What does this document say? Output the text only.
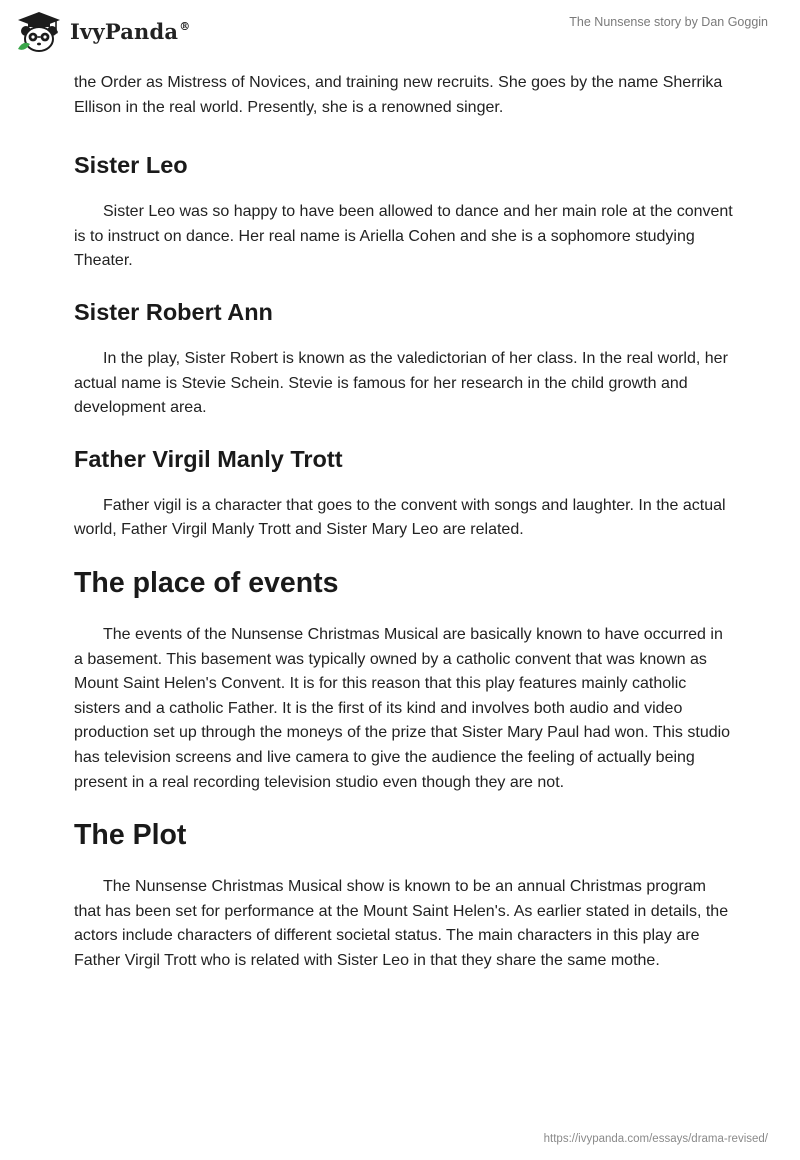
IvyPanda®	The Nunsense story by Dan Goggin

the Order as Mistress of Novices, and training new recruits. She goes by the name Sherrika Ellison in the real world. Presently, she is a renowned singer.

Sister Leo

Sister Leo was so happy to have been allowed to dance and her main role at the convent is to instruct on dance. Her real name is Ariella Cohen and she is a sophomore studying Theater.

Sister Robert Ann

In the play, Sister Robert is known as the valedictorian of her class. In the real world, her actual name is Stevie Schein. Stevie is famous for her research in the child growth and development area.

Father Virgil Manly Trott

Father vigil is a character that goes to the convent with songs and laughter. In the actual world, Father Virgil Manly Trott and Sister Mary Leo are related.

The place of events

The events of the Nunsense Christmas Musical are basically known to have occurred in a basement. This basement was typically owned by a catholic convent that was known as Mount Saint Helen's Convent. It is for this reason that this play features mainly catholic sisters and a catholic Father. It is the first of its kind and involves both audio and video production set up through the moneys of the prize that Sister Mary Paul had won. This studio has television screens and live camera to give the audience the feeling of actually being present in a real recording television studio even though they are not.

The Plot

The Nunsense Christmas Musical show is known to be an annual Christmas program that has been set for performance at the Mount Saint Helen's. As earlier stated in details, the actors include characters of different societal status. The main characters in this play are Father Virgil Trott who is related with Sister Leo in that they share the same mothe.

https://ivypanda.com/essays/drama-revised/
